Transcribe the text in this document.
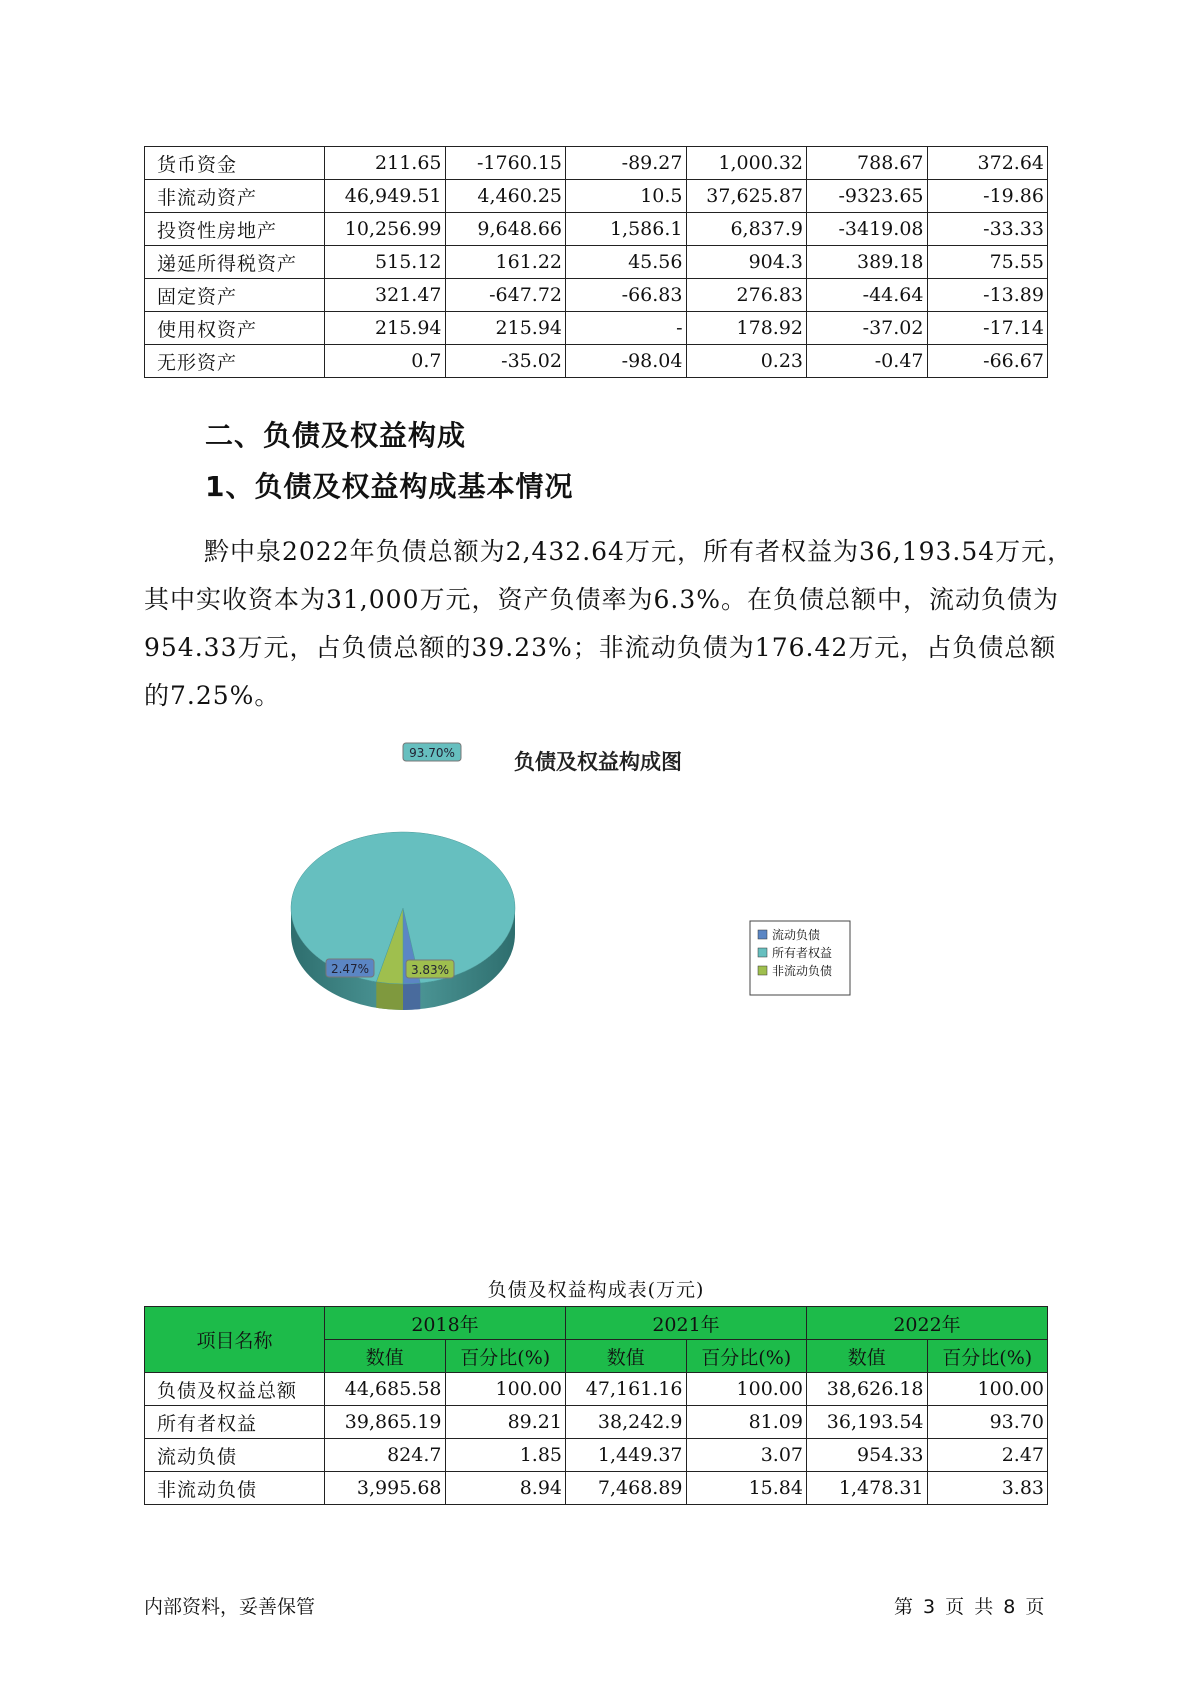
货币资金	211.65	-1760.15	-89.27	1,000.32	788.67	372.64
非流动资产	46,949.51	4,460.25	10.5	37,625.87	-9323.65	-19.86
投资性房地产	10,256.99	9,648.66	1,586.1	6,837.9	-3419.08	-33.33
递延所得税资产	515.12	161.22	45.56	904.3	389.18	75.55
固定资产	321.47	-647.72	-66.83	276.83	-44.64	-13.89
使用权资产	215.94	215.94	-	178.92	-37.02	-17.14
无形资产	0.7	-35.02	-98.04	0.23	-0.47	-66.67
二、负债及权益构成
1、负债及权益构成基本情况

黔中泉2022年负债总额为2,432.64万元，所有者权益为36,193.54万元，其中实收资本为31,000万元，资产负债率为6.3%。在负债总额中，流动负债为954.33万元，占负债总额的39.23%；非流动负债为176.42万元，占负债总额的7.25%。

负债及权益构成图
2.47%
93.70%
3.83%
流动负债
所有者权益
非流动负债
负债及权益构成表(万元)
项目名称	2018年		2021年		2022年	
	数值	百分比(%)	数值	百分比(%)	数值	百分比(%)
负债及权益总额	44,685.58	100.00	47,161.16	100.00	38,626.18	100.00
所有者权益	39,865.19	89.21	38,242.9	81.09	36,193.54	93.70
流动负债	824.7	1.85	1,449.37	3.07	954.33	2.47
非流动负债	3,995.68	8.94	7,468.89	15.84	1,478.31	3.83
内部资料，妥善保管	第 3 页 共 8 页
